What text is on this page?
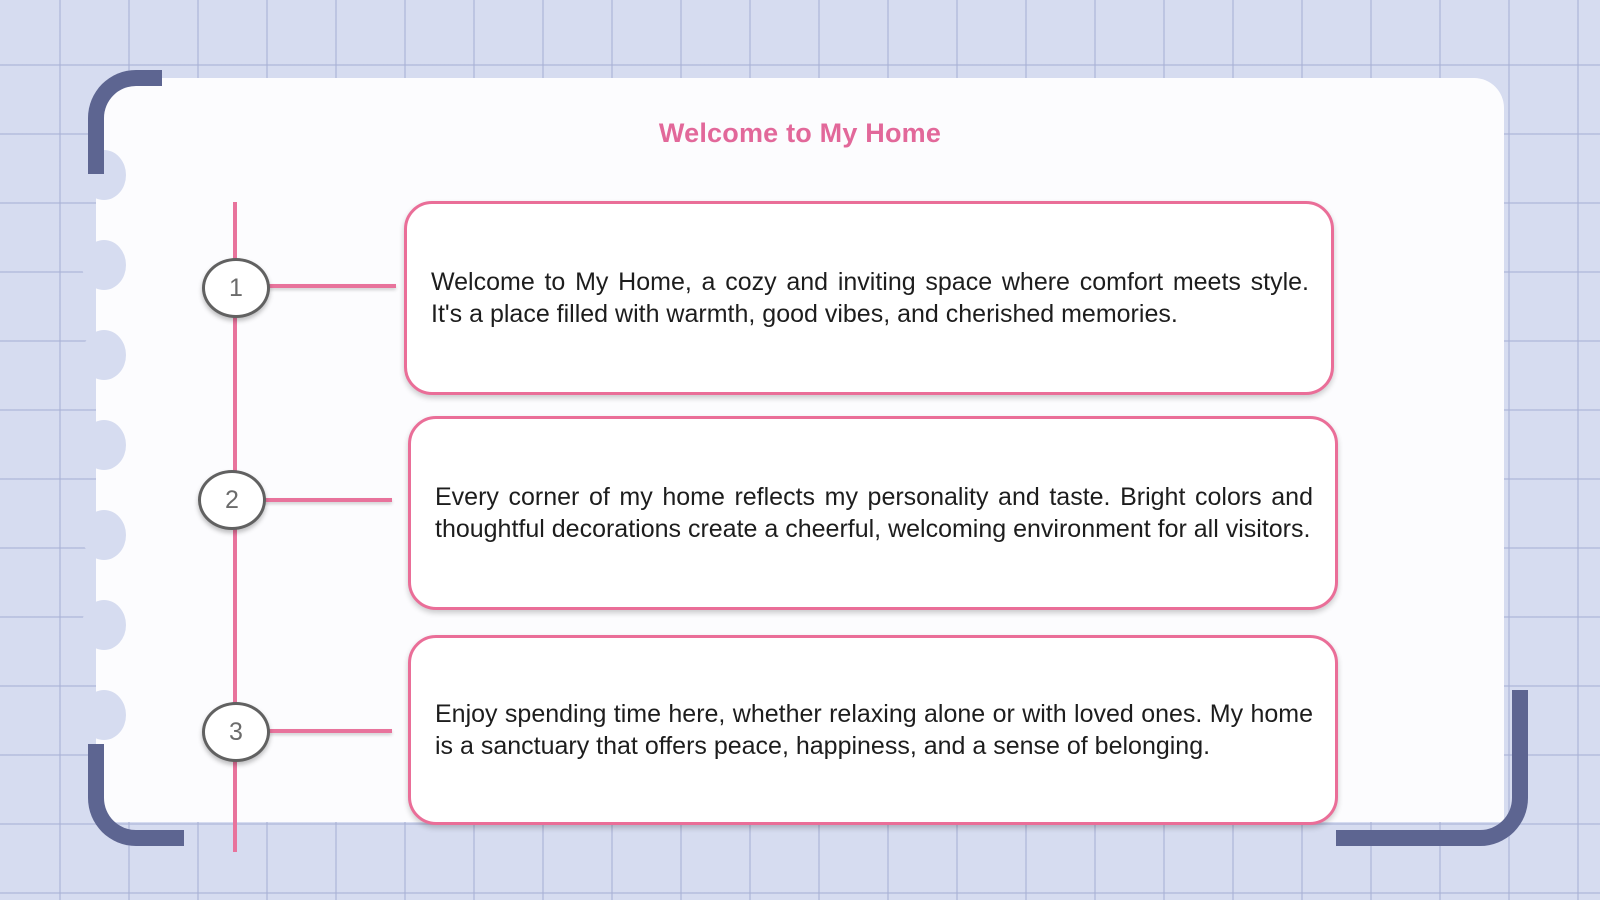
Welcome to My Home
1	Welcome to My Home, a cozy and inviting space where comfort meets style. It's a place filled with warmth, good vibes, and cherished memories.

2	Every corner of my home reflects my personality and taste. Bright colors and thoughtful decorations create a cheerful, welcoming environment for all visitors.

3

Enjoy spending time here, whether relaxing alone or with loved ones. My home is a sanctuary that offers peace, happiness, and a sense of belonging.
